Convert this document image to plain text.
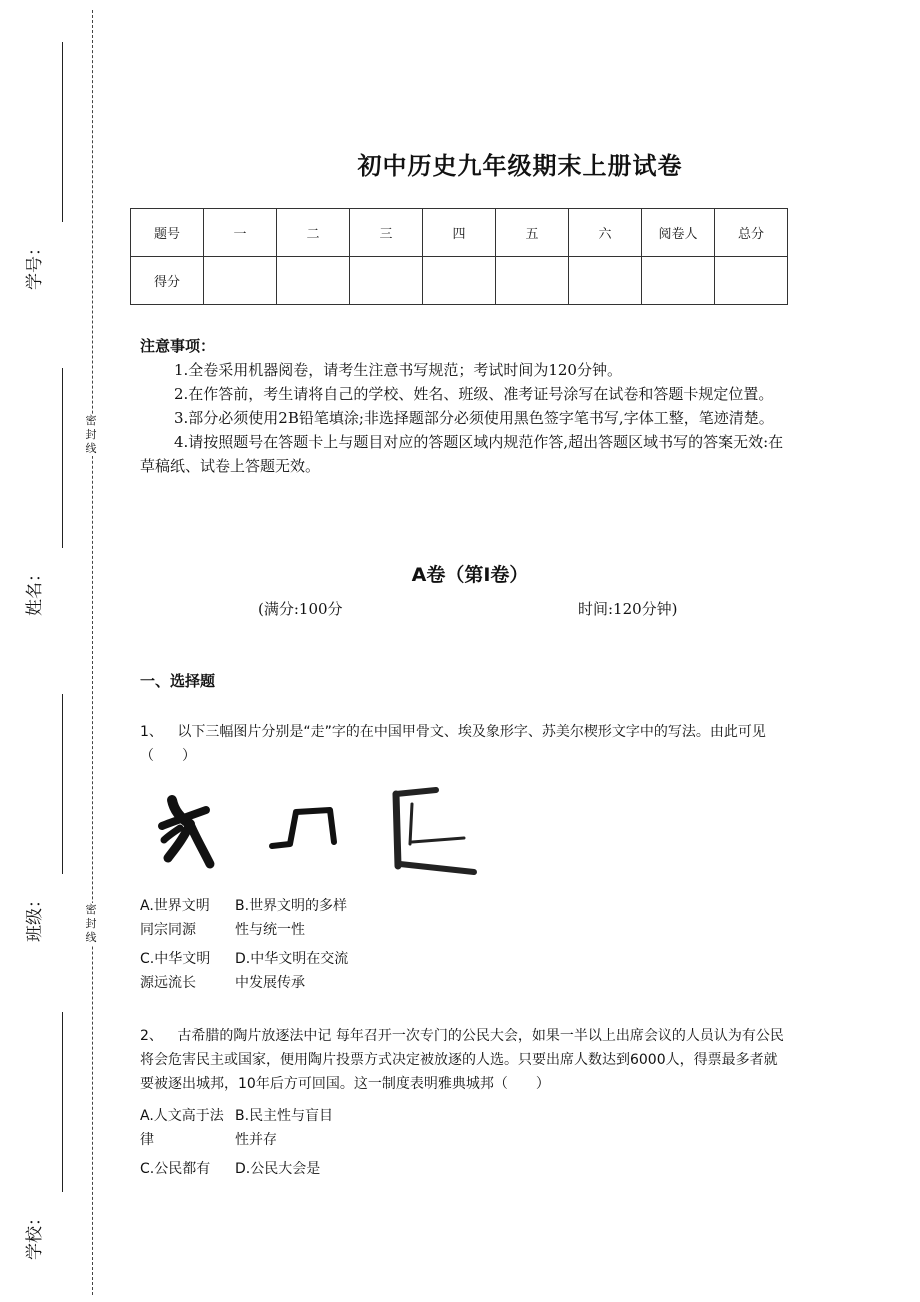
学号：
姓名：
班级：
学校：
密
封
线
密
封
线
初中历史九年级期末上册试卷
题号	一	二	三	四	五	六	阅卷人	总分
得分								
注意事项：

1.全卷采用机器阅卷，请考生注意书写规范；考试时间为120分钟。

2.在作答前，考生请将自己的学校、姓名、班级、准考证号涂写在试卷和答题卡规定位置。

3.部分必须使用2B铅笔填涂;非选择题部分必须使用黑色签字笔书写,字体工整，笔迹清楚。

4.请按照题号在答题卡上与题目对应的答题区域内规范作答,超出答题区域书写的答案无效:在草稿纸、试卷上答题无效。

A卷（第I卷）
(满分:100分	时间:120分钟)
一、选择题
1、 以下三幅图片分别是“走”字的在中国甲骨文、埃及象形字、苏美尔楔形文字中的写法。由此可见（　　）
A.世界文明同宗同源
B.世界文明的多样性与统一性
C.中华文明源远流长
D.中华文明在交流中发展传承
2、 古希腊的陶片放逐法中记 每年召开一次专门的公民大会，如果一半以上出席会议的人员认为有公民将会危害民主或国家，便用陶片投票方式决定被放逐的人选。只要出席人数达到6000人，得票最多者就要被逐出城邦，10年后方可回国。这一制度表明雅典城邦（　　）
A.人文高于法律
B.民主性与盲目性并存
C.公民都有	D.公民大会是
